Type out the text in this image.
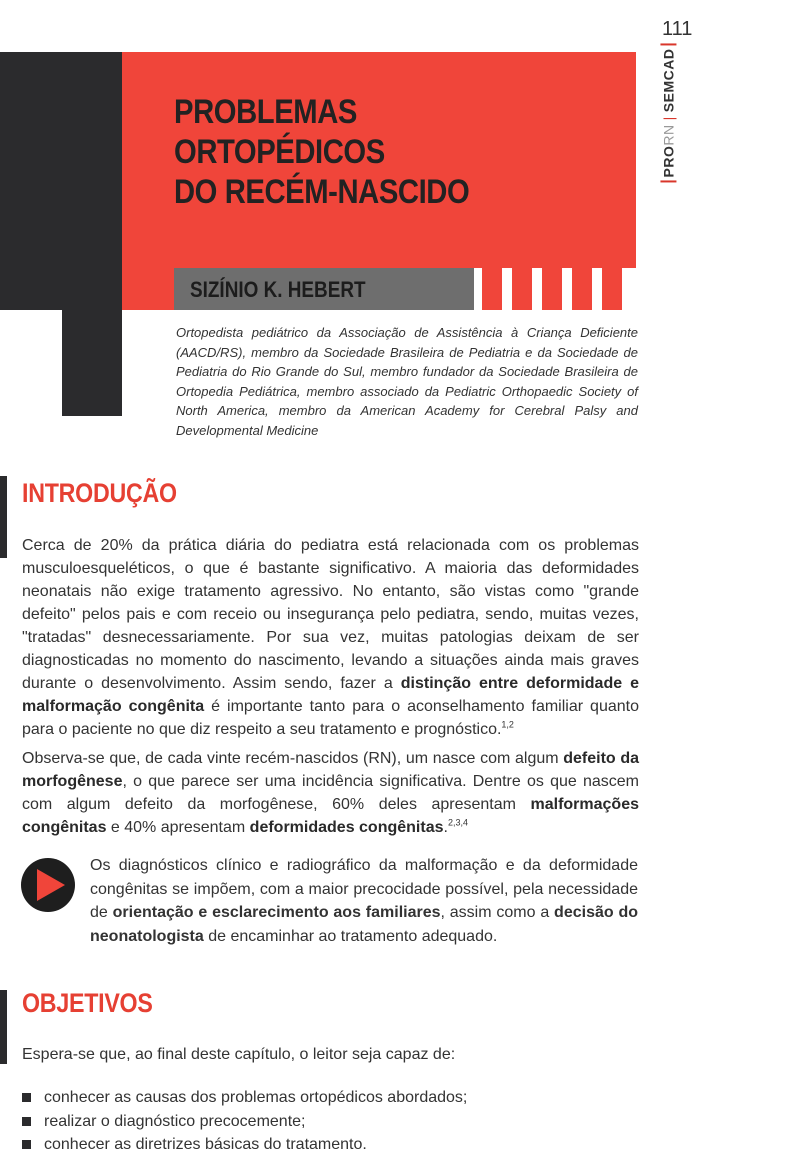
111
PRORN|SEMCAD
PROBLEMAS ORTOPÉDICOS
DO RECÉM-NASCIDO
SIZÍNIO K. HEBERT
Ortopedista pediátrico da Associação de Assistência à Criança Deficiente (AACD/RS), membro da Sociedade Brasileira de Pediatria e da Sociedade de Pediatria do Rio Grande do Sul, membro fundador da Sociedade Brasileira de Ortopedia Pediátrica, membro associado da Pediatric Orthopaedic Society of North America, membro da American Academy for Cerebral Palsy and Developmental Medicine
INTRODUÇÃO
Cerca de 20% da prática diária do pediatra está relacionada com os problemas musculoesqueléticos, o que é bastante significativo. A maioria das deformidades neonatais não exige tratamento agressivo. No entanto, são vistas como "grande defeito" pelos pais e com receio ou insegurança pelo pediatra, sendo, muitas vezes, "tratadas" desnecessariamente. Por sua vez, muitas patologias deixam de ser diagnosticadas no momento do nascimento, levando a situações ainda mais graves durante o desenvolvimento. Assim sendo, fazer a distinção entre deformidade e malformação congênita é importante tanto para o aconselhamento familiar quanto para o paciente no que diz respeito a seu tratamento e prognóstico.$^{1,2}$
Observa-se que, de cada vinte recém-nascidos (RN), um nasce com algum defeito da morfogênese, o que parece ser uma incidência significativa. Dentre os que nascem com algum defeito da morfogênese, 60% deles apresentam malformações congênitas e 40% apresentam deformidades congênitas.$^{2,3,4}$
Os diagnósticos clínico e radiográfico da malformação e da deformidade congênitas se impõem, com a maior precocidade possível, pela necessidade de orientação e esclarecimento aos familiares, assim como a decisão do neonatologista de encaminhar ao tratamento adequado.
OBJETIVOS
Espera-se que, ao final deste capítulo, o leitor seja capaz de:
conhecer as causas dos problemas ortopédicos abordados;
realizar o diagnóstico precocemente;
conhecer as diretrizes básicas do tratamento.
